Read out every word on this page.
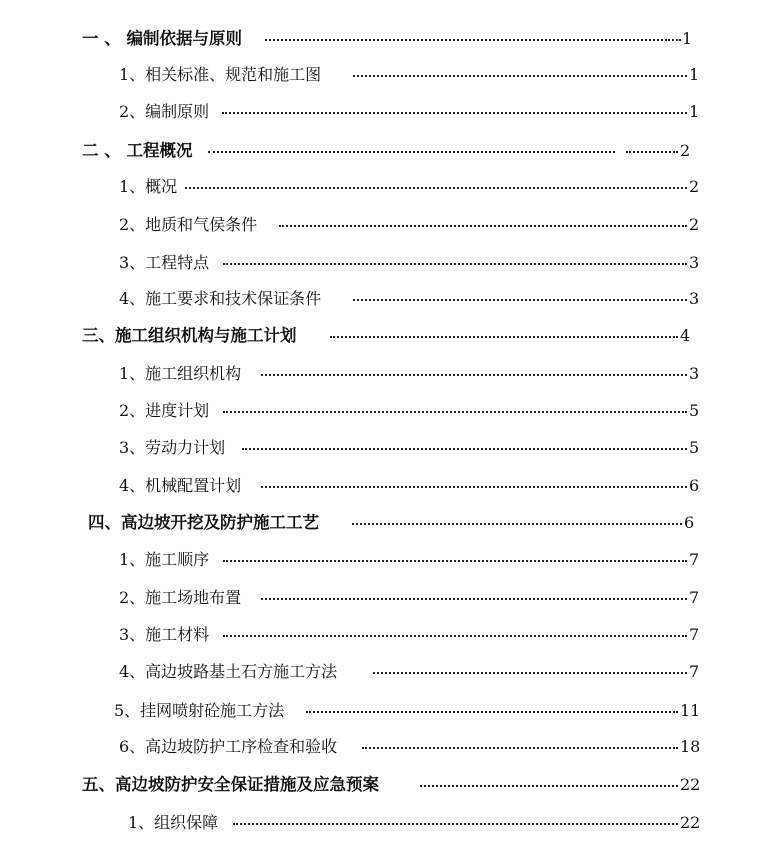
一 、 编制依据与原则	1
1、相关标准、规范和施工图	1
2、编制原则	1
二 、 工程概况	2
1、概况	2
2、地质和气侯条件	2
3、工程特点	3
4、施工要求和技术保证条件	3
三、施工组织机构与施工计划	4
1、施工组织机构	3
2、进度计划	5
3、劳动力计划	5
4、机械配置计划	6
四、高边坡开挖及防护施工工艺	6
1、施工顺序	7
2、施工场地布置	7
3、施工材料	7
4、高边坡路基土石方施工方法	7
5、挂网喷射砼施工方法	11
6、高边坡防护工序检查和验收	18
五、高边坡防护安全保证措施及应急预案	22
1、组织保障	22
